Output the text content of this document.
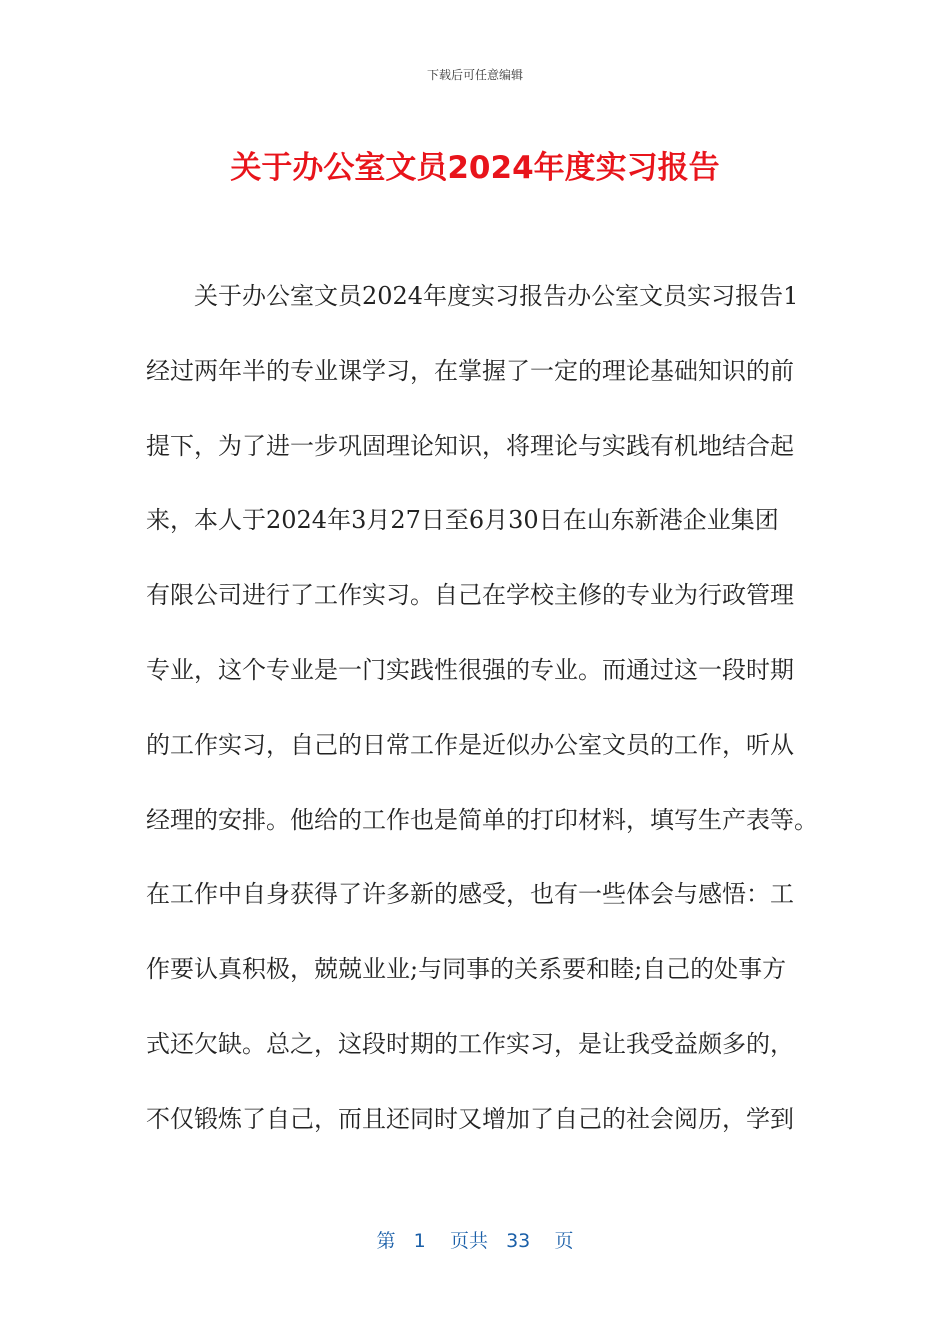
下载后可任意编辑
关于办公室文员2024年度实习报告
关于办公室文员2024年度实习报告办公室文员实习报告1
经过两年半的专业课学习，在掌握了一定的理论基础知识的前
提下，为了进一步巩固理论知识，将理论与实践有机地结合起
来，本人于2024年3月27日至6月30日在山东新港企业集团
有限公司进行了工作实习。自己在学校主修的专业为行政管理
专业，这个专业是一门实践性很强的专业。而通过这一段时期
的工作实习，自己的日常工作是近似办公室文员的工作，听从
经理的安排。他给的工作也是简单的打印材料，填写生产表等。
在工作中自身获得了许多新的感受，也有一些体会与感悟：工
作要认真积极，兢兢业业;与同事的关系要和睦;自己的处事方
式还欠缺。总之，这段时期的工作实习，是让我受益颇多的，
不仅锻炼了自己，而且还同时又增加了自己的社会阅历，学到
第 1 页共 33 页
